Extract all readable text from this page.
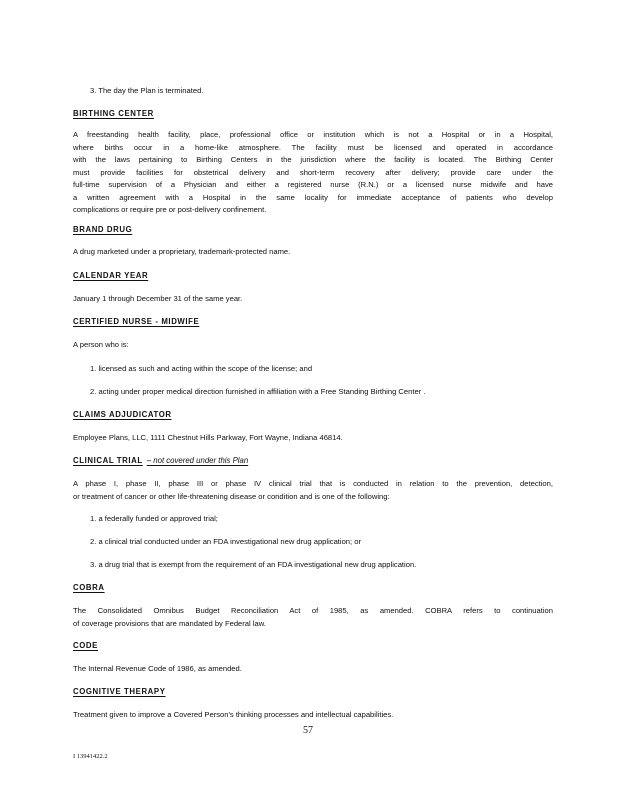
3. The day the Plan is terminated.
BIRTHING CENTER

A freestanding health facility, place, professional office or institution which is not a Hospital or in a Hospital,

where births occur in a home-like atmosphere. The facility must be licensed and operated in accordance

with the laws pertaining to Birthing Centers in the jurisdiction where the facility is located. The Birthing Center

must provide facilities for obstetrical delivery and short-term recovery after delivery; provide care under the

full-time supervision of a Physician and either a registered nurse (R.N.) or a licensed nurse midwife and have

a written agreement with a Hospital in the same locality for immediate acceptance of patients who develop

complications or require pre or post-delivery confinement.

BRAND DRUG

A drug marketed under a proprietary, trademark-protected name.

CALENDAR YEAR

January 1 through December 31 of the same year.

CERTIFIED NURSE - MIDWIFE

A person who is:

1. licensed as such and acting within the scope of the license; and
2. acting under proper medical direction furnished in affiliation with a Free Standing Birthing Center .
CLAIMS ADJUDICATOR

Employee Plans, LLC, 1111 Chestnut Hills Parkway, Fort Wayne, Indiana 46814.

CLINICAL TRIAL – not covered under this Plan

A phase I, phase II, phase III or phase IV clinical trial that is conducted in relation to the prevention, detection,

or treatment of cancer or other life-threatening disease or condition and is one of the following:

1. a federally funded or approved trial;
2. a clinical trial conducted under an FDA investigational new drug application; or
3. a drug trial that is exempt from the requirement of an FDA investigational new drug application.
COBRA

The Consolidated Omnibus Budget Reconciliation Act of 1985, as amended. COBRA refers to continuation

of coverage provisions that are mandated by Federal law.

CODE

The Internal Revenue Code of 1986, as amended.

COGNITIVE THERAPY

Treatment given to improve a Covered Person's thinking processes and intellectual capabilities.

57
I 13941422.2
